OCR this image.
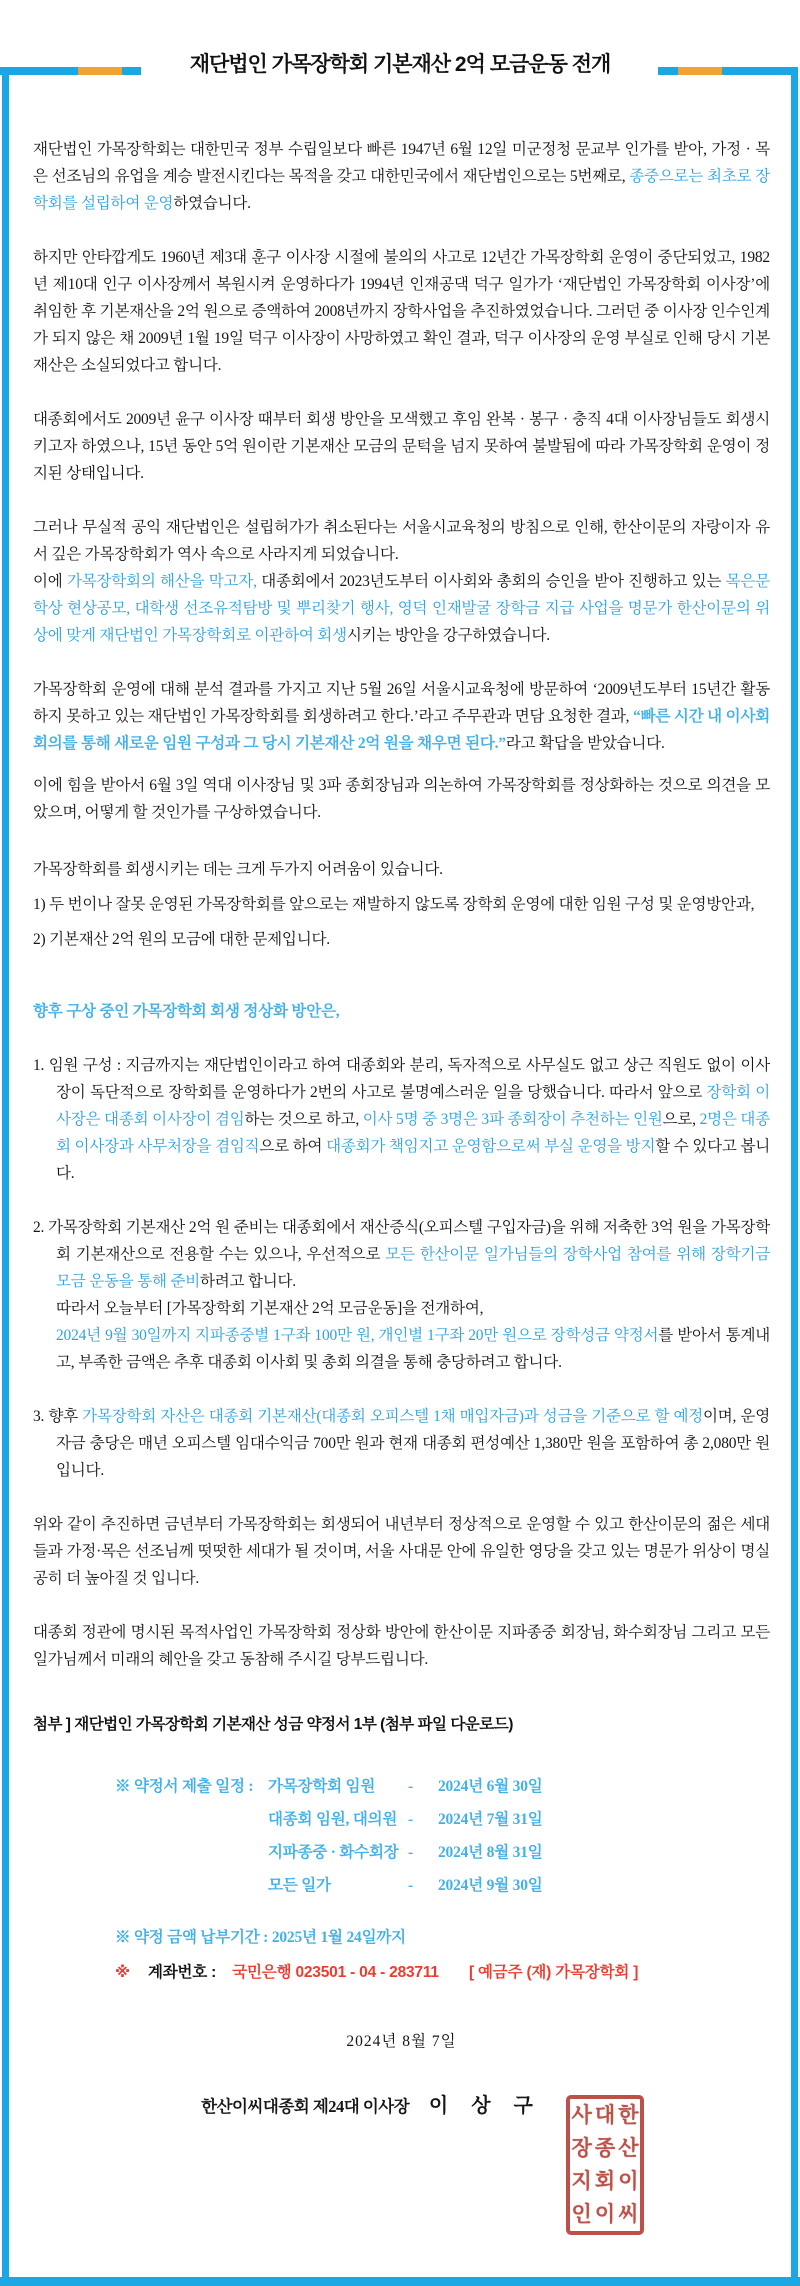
재단법인 가목장학회 기본재산 2억 모금운동 전개

재단법인 가목장학회는 대한민국 정부 수립일보다 빠른 1947년 6월 12일 미군정청 문교부 인가를 받아, 가정 · 목은 선조님의 유업을 계승 발전시킨다는 목적을 갖고 대한민국에서 재단법인으로는 5번째로, 종중으로는 최초로 장학회를 설립하여 운영하였습니다.

하지만 안타깝게도 1960년 제3대 훈구 이사장 시절에 불의의 사고로 12년간 가목장학회 운영이 중단되었고, 1982년 제10대 인구 이사장께서 복원시켜 운영하다가 1994년 인재공댁 덕구 일가가 ‘재단법인 가목장학회 이사장’에 취임한 후 기본재산을 2억 원으로 증액하여 2008년까지 장학사업을 추진하였었습니다. 그러던 중 이사장 인수인계가 되지 않은 채 2009년 1월 19일 덕구 이사장이 사망하였고 확인 결과, 덕구 이사장의 운영 부실로 인해 당시 기본재산은 소실되었다고 합니다.

대종회에서도 2009년 윤구 이사장 때부터 회생 방안을 모색했고 후임 완복 · 봉구 · 충직 4대 이사장님들도 회생시키고자 하였으나, 15년 동안 5억 원이란 기본재산 모금의 문턱을 넘지 못하여 불발됨에 따라 가목장학회 운영이 정지된 상태입니다.

그러나 무실적 공익 재단법인은 설립허가가 취소된다는 서울시교육청의 방침으로 인해, 한산이문의 자랑이자 유서 깊은 가목장학회가 역사 속으로 사라지게 되었습니다.

이에 가목장학회의 해산을 막고자, 대종회에서 2023년도부터 이사회와 총회의 승인을 받아 진행하고 있는 목은문학상 현상공모, 대학생 선조유적탐방 및 뿌리찾기 행사, 영덕 인재발굴 장학금 지급 사업을 명문가 한산이문의 위상에 맞게 재단법인 가목장학회로 이관하여 회생시키는 방안을 강구하였습니다.

가목장학회 운영에 대해 분석 결과를 가지고 지난 5월 26일 서울시교육청에 방문하여 ‘2009년도부터 15년간 활동하지 못하고 있는 재단법인 가목장학회를 회생하려고 한다.’라고 주무관과 면담 요청한 결과, “빠른 시간 내 이사회 회의를 통해 새로운 임원 구성과 그 당시 기본재산 2억 원을 채우면 된다.”라고 확답을 받았습니다.

이에 힘을 받아서 6월 3일 역대 이사장님 및 3파 종회장님과 의논하여 가목장학회를 정상화하는 것으로 의견을 모았으며, 어떻게 할 것인가를 구상하였습니다.

가목장학회를 회생시키는 데는 크게 두가지 어려움이 있습니다.

1) 두 번이나 잘못 운영된 가목장학회를 앞으로는 재발하지 않도록 장학회 운영에 대한 임원 구성 및 운영방안과,

2) 기본재산 2억 원의 모금에 대한 문제입니다.

향후 구상 중인 가목장학회 회생 정상화 방안은,

1. 임원 구성 : 지금까지는 재단법인이라고 하여 대종회와 분리, 독자적으로 사무실도 없고 상근 직원도 없이 이사장이 독단적으로 장학회를 운영하다가 2번의 사고로 불명예스러운 일을 당했습니다. 따라서 앞으로 장학회 이사장은 대종회 이사장이 겸임하는 것으로 하고, 이사 5명 중 3명은 3파 종회장이 추천하는 인원으로, 2명은 대종회 이사장과 사무처장을 겸임직으로 하여 대종회가 책임지고 운영함으로써 부실 운영을 방지할 수 있다고 봅니다.

2. 가목장학회 기본재산 2억 원 준비는 대종회에서 재산증식(오피스텔 구입자금)을 위해 저축한 3억 원을 가목장학회 기본재산으로 전용할 수는 있으나, 우선적으로 모든 한산이문 일가님들의 장학사업 참여를 위해 장학기금 모금 운동을 통해 준비하려고 합니다.
따라서 오늘부터 [가목장학회 기본재산 2억 모금운동]을 전개하여,
2024년 9월 30일까지 지파종중별 1구좌 100만 원, 개인별 1구좌 20만 원으로 장학성금 약정서를 받아서 통계내고, 부족한 금액은 추후 대종회 이사회 및 총회 의결을 통해 충당하려고 합니다.

3. 향후 가목장학회 자산은 대종회 기본재산(대종회 오피스텔 1채 매입자금)과 성금을 기준으로 할 예정이며, 운영 자금 충당은 매년 오피스텔 임대수익금 700만 원과 현재 대종회 편성예산 1,380만 원을 포함하여 총 2,080만 원입니다.

위와 같이 추진하면 금년부터 가목장학회는 회생되어 내년부터 정상적으로 운영할 수 있고 한산이문의 젊은 세대들과 가정·목은 선조님께 떳떳한 세대가 될 것이며, 서울 사대문 안에 유일한 영당을 갖고 있는 명문가 위상이 명실공히 더 높아질 것 입니다.

대종회 정관에 명시된 목적사업인 가목장학회 정상화 방안에 한산이문 지파종중 회장님, 화수회장님 그리고 모든 일가님께서 미래의 혜안을 갖고 동참해 주시길 당부드립니다.

첨부 ] 재단법인 가목장학회 기본재산 성금 약정서 1부 (첨부 파일 다운로드)

※ 약정서 제출 일정 : 가목장학회 임원	-	2024년 6월 30일
대종회 임원, 대의원 -	2024년 7월 31일
지파종중 · 화수회장 -	2024년 8월 31일
모든 일가	-	2024년 9월 30일

※ 약정 금액 납부기간 : 2025년 1월 24일까지

※ 계좌번호 : 국민은행 023501 - 04 - 283711 [ 예금주 (재) 가목장학회 ]

2024년 8월 7일

한산이씨대종회 제24대 이사장 이 상 구	한
산
이
씨
대
종
회
이
사
장
지
인
